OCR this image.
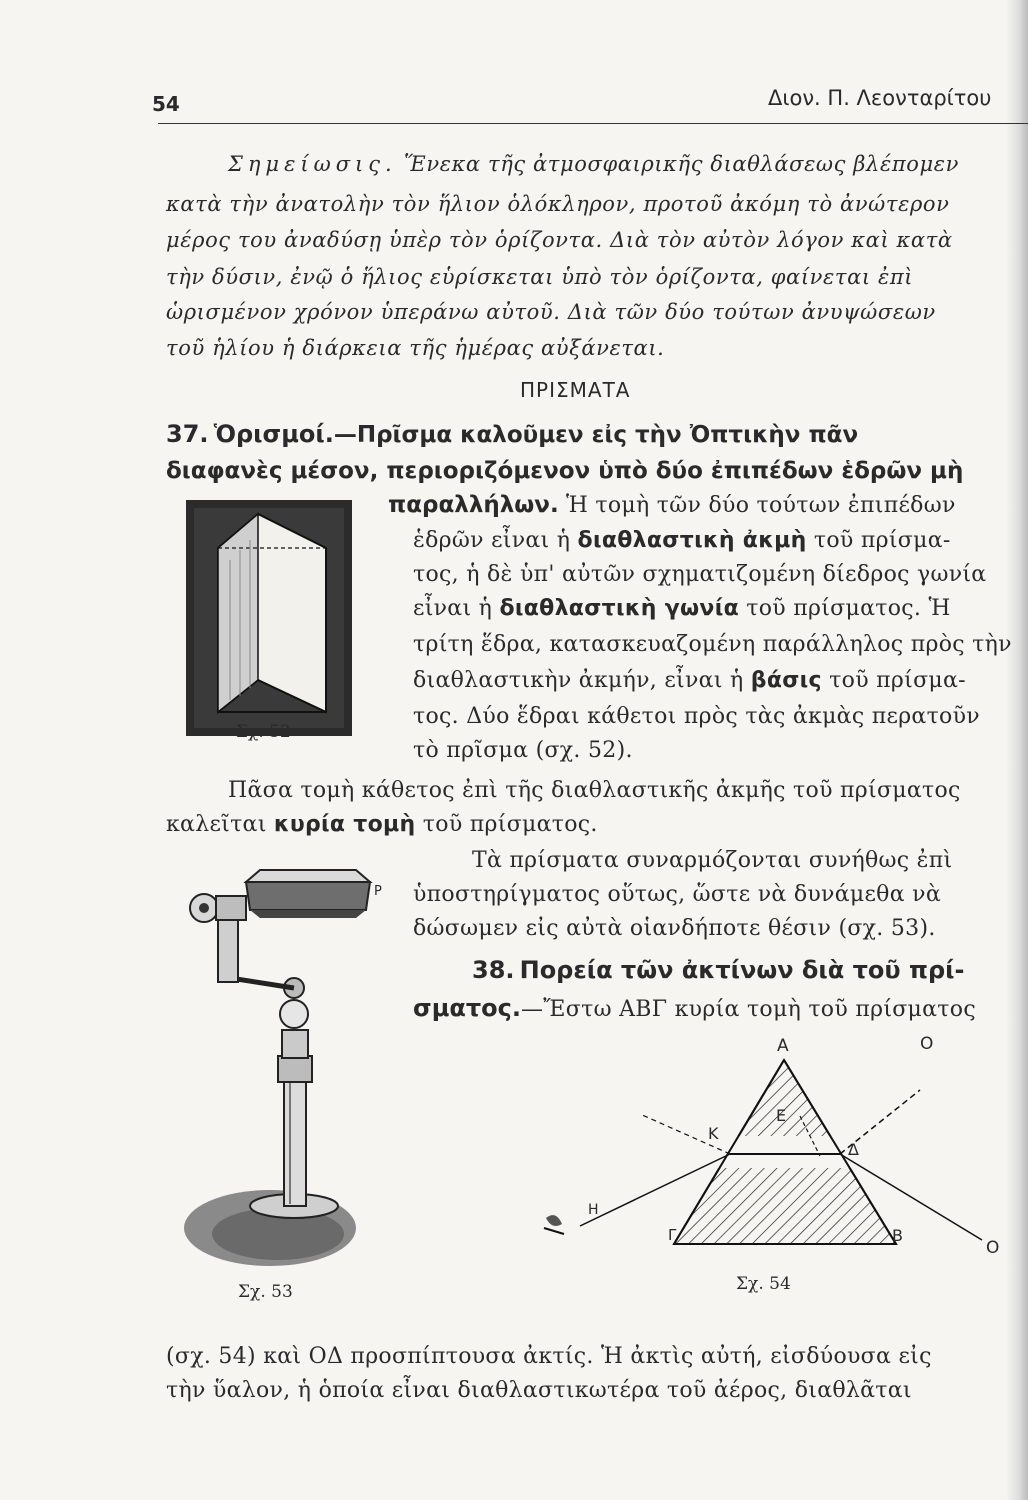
54	Διον. Π. Λεονταρίτου
Σημείωσις. Ἕνεκα τῆς ἀτμοσφαιρικῆς διαθλάσεως βλέπομεν
κατὰ τὴν ἀνατολὴν τὸν ἥλιον ὁλόκληρον, προτοῦ ἀκόμη τὸ ἀνώτερον
μέρος του ἀναδύσῃ ὑπὲρ τὸν ὁρίζοντα. Διὰ τὸν αὐτὸν λόγον καὶ κατὰ
τὴν δύσιν, ἐνῷ ὁ ἥλιος εὑρίσκεται ὑπὸ τὸν ὁρίζοντα, φαίνεται ἐπὶ
ὡρισμένον χρόνον ὑπεράνω αὐτοῦ. Διὰ τῶν δύο τούτων ἀνυψώσεων
τοῦ ἡλίου ἡ διάρκεια τῆς ἡμέρας αὐξάνεται.
ΠΡΙΣΜΑΤΑ
37. Ὁρισμοί.—Πρῖσμα καλοῦμεν εἰς τὴν Ὀπτικὴν πᾶν
διαφανὲς μέσον, περιοριζόμενον ὑπὸ δύο ἐπιπέδων ἑδρῶν μὴ
παραλλήλων. Ἡ τομὴ τῶν δύο τούτων ἐπιπέδων
ἑδρῶν εἶναι ἡ διαθλαστικὴ ἀκμὴ τοῦ πρίσμα-
τος, ἡ δὲ ὑπ' αὐτῶν σχηματιζομένη δίεδρος γωνία
εἶναι ἡ διαθλαστικὴ γωνία τοῦ πρίσματος. Ἡ
τρίτη ἕδρα, κατασκευαζομένη παράλληλος πρὸς τὴν
διαθλαστικὴν ἀκμήν, εἶναι ἡ βάσις τοῦ πρίσμα-
τος. Δύο ἕδραι κάθετοι πρὸς τὰς ἀκμὰς περατοῦν
τὸ πρῖσμα (σχ. 52).
Πᾶσα τομὴ κάθετος ἐπὶ τῆς διαθλαστικῆς ἀκμῆς τοῦ πρίσματος
καλεῖται κυρία τομὴ τοῦ πρίσματος.
Τὰ πρίσματα συναρμόζονται συνήθως ἐπὶ
ὑποστηρίγματος οὕτως, ὥστε νὰ δυνάμεθα νὰ
δώσωμεν εἰς αὐτὰ οἱανδήποτε θέσιν (σχ. 53).
38. Πορεία τῶν ἀκτίνων διὰ τοῦ πρί-
σματος.—Ἔστω ΑΒΓ κυρία τομὴ τοῦ πρίσματος
(σχ. 54) καὶ ΟΔ προσπίπτουσα ἀκτίς. Ἡ ἀκτὶς αὐτή, εἰσδύουσα εἰς
τὴν ὕαλον, ἡ ὁποία εἶναι διαθλαστικωτέρα τοῦ ἀέρος, διαθλᾶται
Σχ. 52
P
Σχ. 53
Α	O
Ε
Κ
Δ
Η
Γ	Β
O
Σχ. 54
